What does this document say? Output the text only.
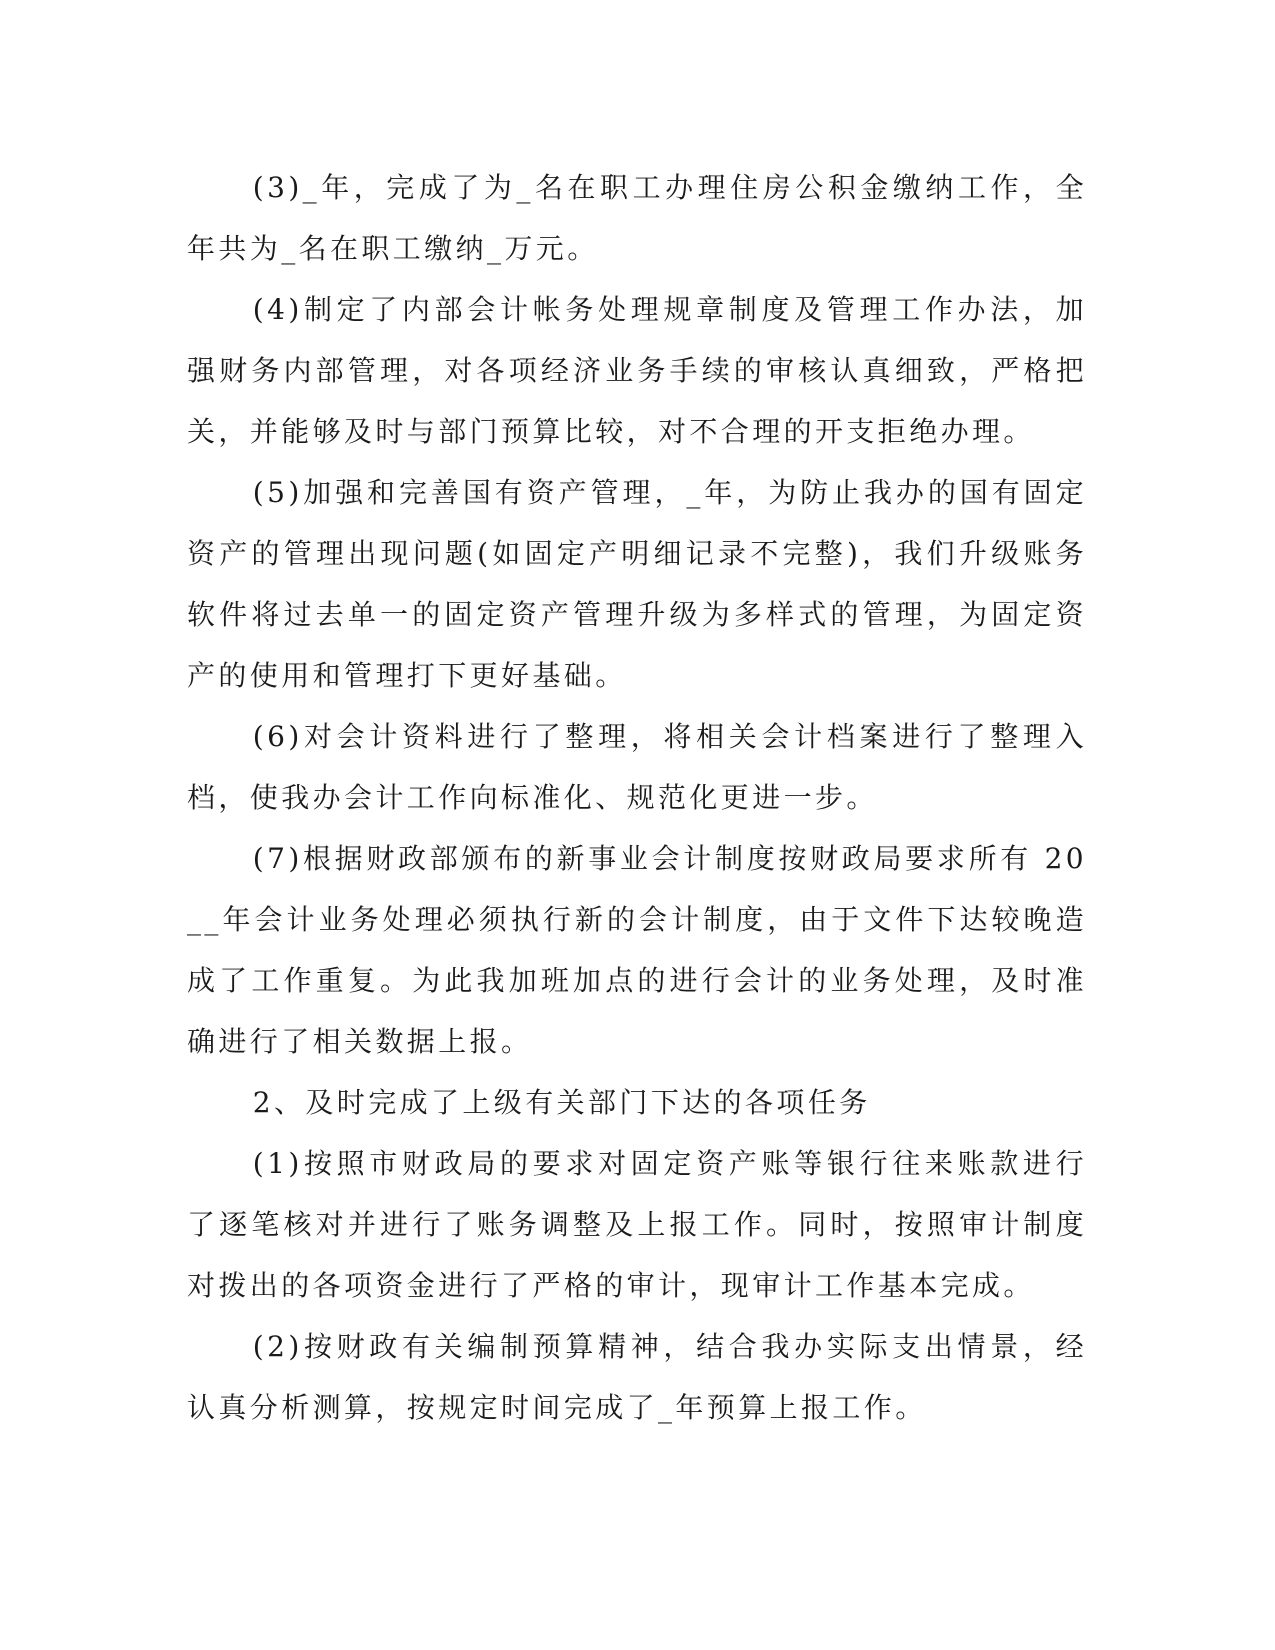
(3)_年，完成了为_名在职工办理住房公积金缴纳工作，全年共为_名在职工缴纳_万元。

(4)制定了内部会计帐务处理规章制度及管理工作办法，加强财务内部管理，对各项经济业务手续的审核认真细致，严格把关，并能够及时与部门预算比较，对不合理的开支拒绝办理。

(5)加强和完善国有资产管理，_年，为防止我办的国有固定资产的管理出现问题(如固定产明细记录不完整)，我们升级账务软件将过去单一的固定资产管理升级为多样式的管理，为固定资产的使用和管理打下更好基础。

(6)对会计资料进行了整理，将相关会计档案进行了整理入档，使我办会计工作向标准化、规范化更进一步。

(7)根据财政部颁布的新事业会计制度按财政局要求所有 20__年会计业务处理必须执行新的会计制度，由于文件下达较晚造成了工作重复。为此我加班加点的进行会计的业务处理，及时准确进行了相关数据上报。

2、及时完成了上级有关部门下达的各项任务

(1)按照市财政局的要求对固定资产账等银行往来账款进行了逐笔核对并进行了账务调整及上报工作。同时，按照审计制度对拨出的各项资金进行了严格的审计，现审计工作基本完成。

(2)按财政有关编制预算精神，结合我办实际支出情景，经认真分析测算，按规定时间完成了_年预算上报工作。
